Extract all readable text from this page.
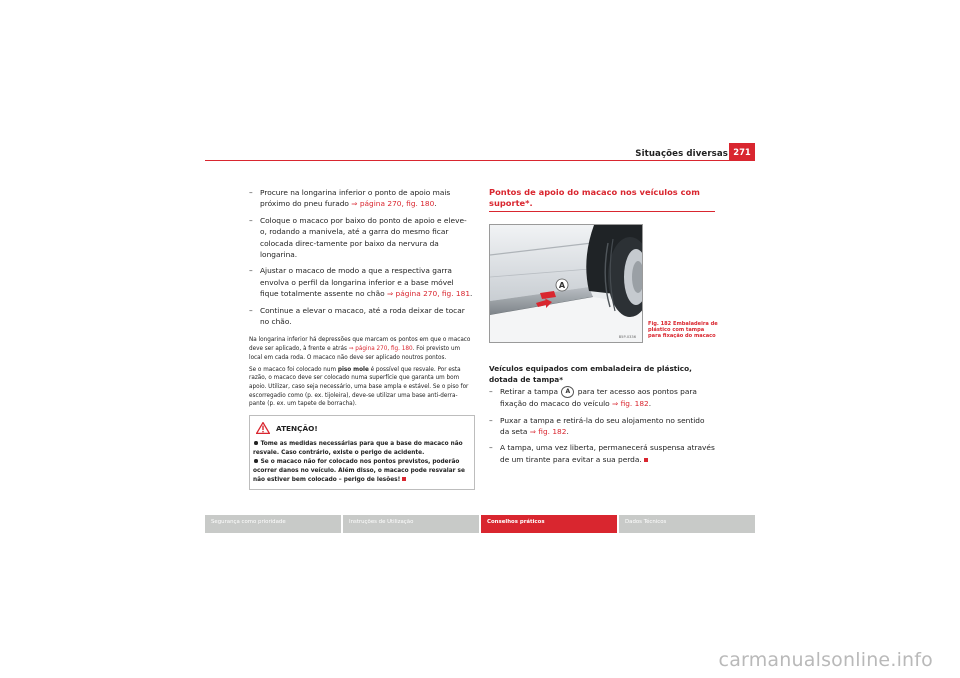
Situações diversas 271
– Procure na longarina inferior o ponto de apoio mais próximo do pneu furado ⇒ página 270, fig. 180.
– Coloque o macaco por baixo do ponto de apoio e eleve-o, rodando a manivela, até a garra do mesmo ficar colocada direc-tamente por baixo da nervura da longarina.
– Ajustar o macaco de modo a que a respectiva garra envolva o perfil da longarina inferior e a base móvel fique totalmente assente no chão ⇒ página 270, fig. 181.
– Continue a elevar o macaco, até a roda deixar de tocar no chão.
Na longarina inferior há depressões que marcam os pontos em que o macaco deve ser aplicado, à frente e atrás ⇒ página 270, fig. 180. Foi previsto um local em cada roda. O macaco não deve ser aplicado noutros pontos.
Se o macaco foi colocado num piso mole é possível que resvale. Por esta razão, o macaco deve ser colocado numa superfície que garanta um bom apoio. Utilizar, caso seja necessário, uma base ampla e estável. Se o piso for escorregadio como (p. ex. tijoleira), deve-se utilizar uma base anti-derra-pante (p. ex. um tapete de borracha).
ATENÇÃO!
Tome as medidas necessárias para que a base do macaco não resvale. Caso contrário, existe o perigo de acidente.
Se o macaco não for colocado nos pontos previstos, poderão ocorrer danos no veículo. Além disso, o macaco pode resvalar se não estiver bem colocado – perigo de lesões!
Pontos de apoio do macaco nos veículos com suporte*.
A
B5P-0336
Fig. 182 Embaladeira de plástico com tampa para fixação do macaco
Veículos equipados com embaladeira de plástico, dotada de tampa*
– Retirar a tampa A para ter acesso aos pontos para fixação do macaco do veículo ⇒ fig. 182.
– Puxar a tampa e retirá-la do seu alojamento no sentido da seta ⇒ fig. 182.
– A tampa, uma vez liberta, permanecerá suspensa através de um tirante para evitar a sua perda.
Segurança como prioridade	Instruções de Utilização	Conselhos práticos	Dados Técnicos
carmanualsonline.info
